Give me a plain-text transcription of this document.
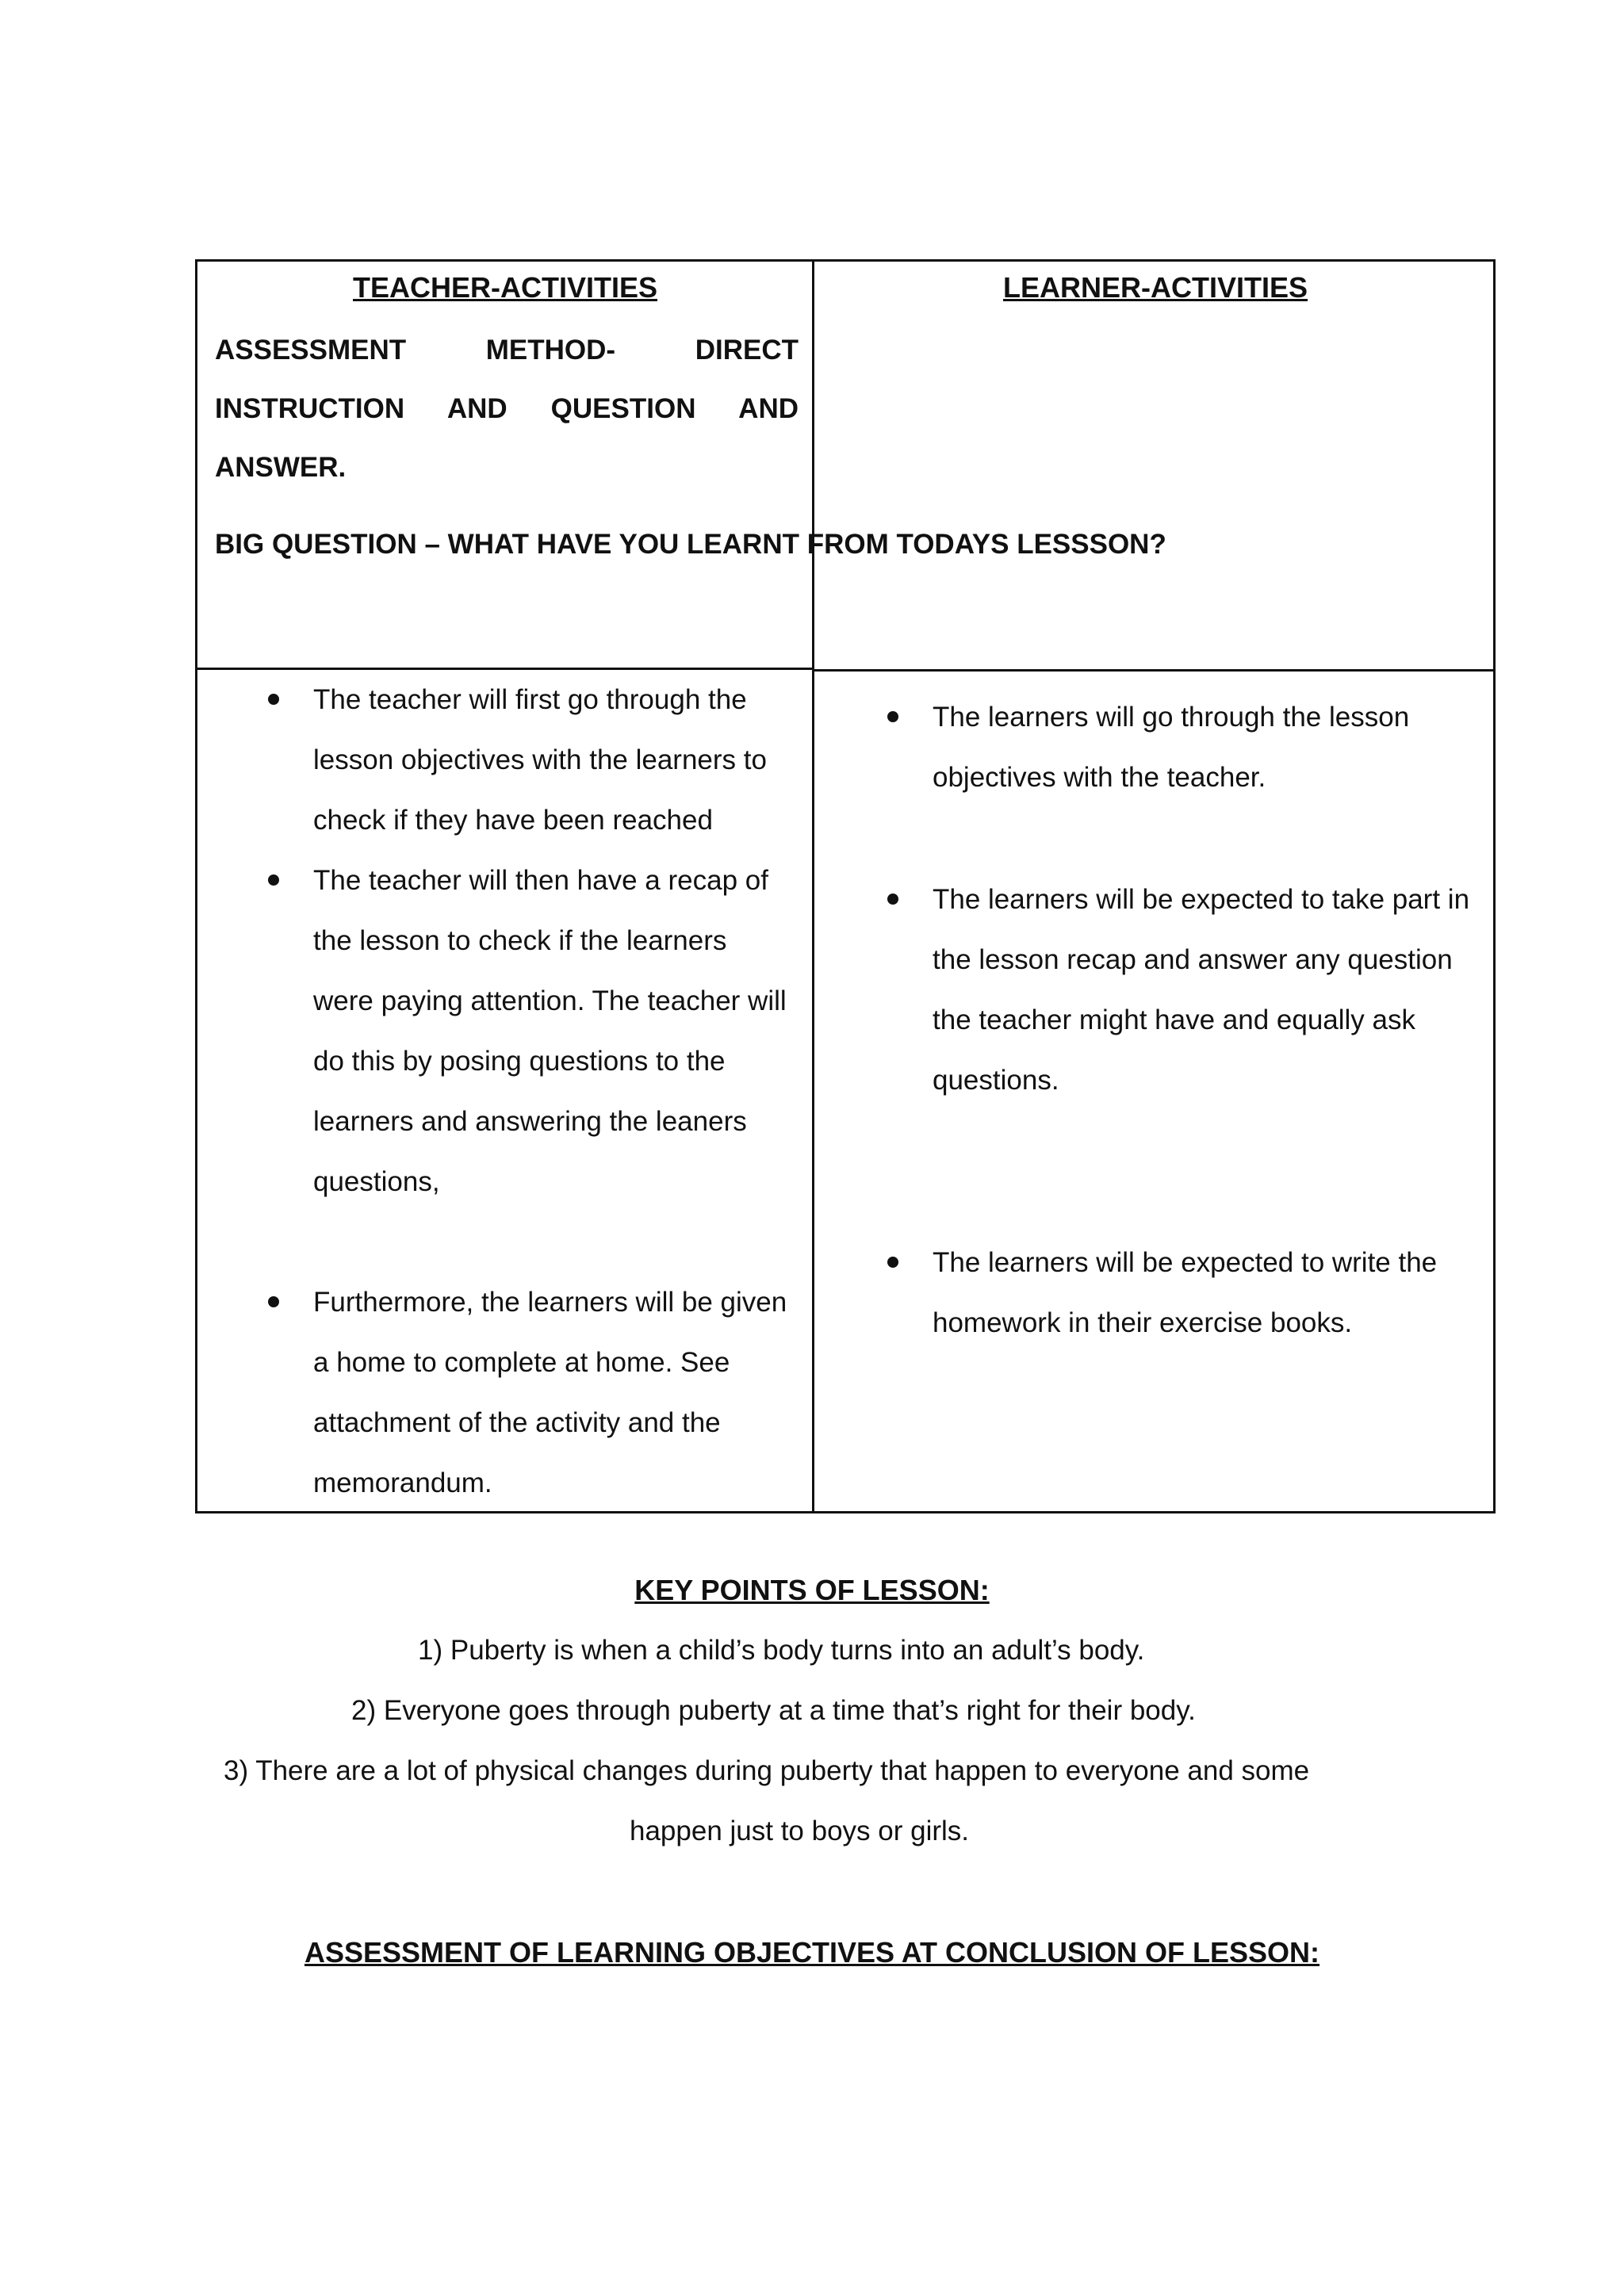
TEACHER-ACTIVITIES
ASSESSMENT METHOD- DIRECT INSTRUCTION AND QUESTION AND ANSWER.
LEARNER-ACTIVITIES
BIG QUESTION – WHAT HAVE YOU LEARNT FROM TODAYS LESSSON?
The teacher will first go through the lesson objectives with the learners to check if they have been reached
The teacher will then have a recap of the lesson to check if the learners were paying attention. The teacher will do this by posing questions to the learners and answering the leaners questions,
Furthermore, the learners will be given a home to complete at home. See attachment of the activity and the memorandum.
The learners will go through the lesson objectives with the teacher.
The learners will be expected to take part in the lesson recap and answer any question the teacher might have and equally ask questions.
The learners will be expected to write the homework in their exercise books.
KEY POINTS OF LESSON:
1) Puberty is when a child’s body turns into an adult’s body.
2) Everyone goes through puberty at a time that’s right for their body.
3) There are a lot of physical changes during puberty that happen to everyone and some
happen just to boys or girls.
ASSESSMENT OF LEARNING OBJECTIVES AT CONCLUSION OF LESSON:
